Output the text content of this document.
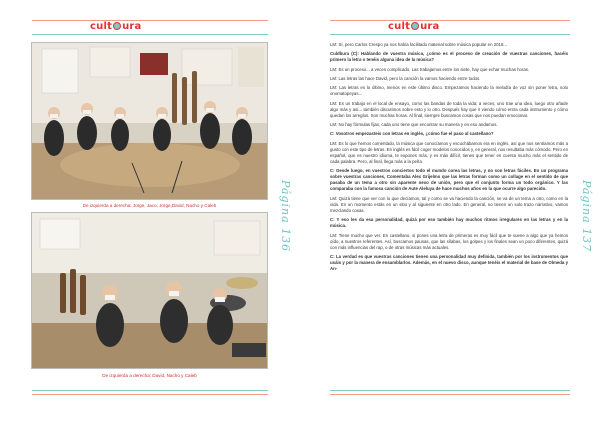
cult ura
De izquierda a derecha: Jorge, Jaco, Jorge,David, Nacho y Caleb
De izquierda a derecha: David, Nacho y Caleb
Página 136
cult ura

LM: Sí, pero Carlos Crespo ya nos había facilitado material sobre música popular en 2018...

Culdbura (C): Hablando de vuestra música, ¿cómo es el proceso de creación de vuestras canciones, hacéis primero la letra o tenéis alguna idea de la música?

LM: Es un proceso... a veces complicado. Las trabajamos entre los siete, hay que echar muchas horas.

LM: Las letras las hace David, pero la canción la vamos haciendo entre todos.

LM: Las letras es lo último, menos en este último disco. Empezamos haciendo la melodía de voz sin poner letra, solo onomatopeyas...

LM: Es un trabajo en el local de ensayo, como las bandas de toda la vida; a veces, uno trae una idea, luego otro añade algo más y así... también discutimos sobre esto y lo otro. Después hay que ir viendo cómo entra cada instrumento y cómo quedan los arreglos. Son muchas horas. Al final, siempre buscamos cosas que nos puedan emocionar.

LM: No hay fórmulas fijas, cada uno tiene que encontrar su manera y en eso andamos.

C: Vosotros empezasteis con letras en inglés, ¿cómo fue el paso al castellano?

LM: Es lo que hemos comentado, la música que conocíamos y escuchábamos era en inglés, así que nos sentíamos más a gusto con este tipo de letras. En inglés es fácil coger modelos conocidos y, en general, nos resultaba más cómodo. Pero en español, que es nuestro idioma, te expones más, y es más difícil, tienes que tener en cuenta mucho más el sentido de cada palabra. Pero, al final, llega más a la peña.

C: Desde luego, en vuestros conciertos todo el mundo corea las letras, y no son letras fáciles. En un programa sobre vuestras canciones, Comentaba Alex Grijelmo que las letras forman como un collage en el sentido de que pasaba de un tema a otro sin aparente nexo de unión, pero que el conjunto forma un todo orgánico. Y las comparaba con la famosa canción de Aute Aleluya de hace muchos años en la que ocurre algo parecido.

LM: Quizá tiene que ver con lo que decíamos, tal y como se va haciendo la canción, se va de un tema a otro, como en la vida. En un momento estás en un sitio y al siguiente en otro lado. En general, no tienen un solo trazo narrativo, vamos mezclando cosas.

C: Y eso les da esa personalidad, quizá por eso también hay muchos ritmos irregulares en las letras y en la música.

LM: Tiene mucho que ver. En castellano, si pones una letra de primeras es muy fácil que te suene a algo que ya hemos oído, a nuestros referentes. Así, buscamos pausas, que las sílabas, los golpes y los finales sean un poco diferentes, quizá con más influencias del rap, o de otras músicas más actuales.

C: La verdad es que vuestras canciones tienen una personalidad muy definida, también por los instrumentos que usáis y por la manera de ensamblarlos. Además, en el nuevo disco, aunque tenéis el material de base de Olmeda y An-

Página 137
